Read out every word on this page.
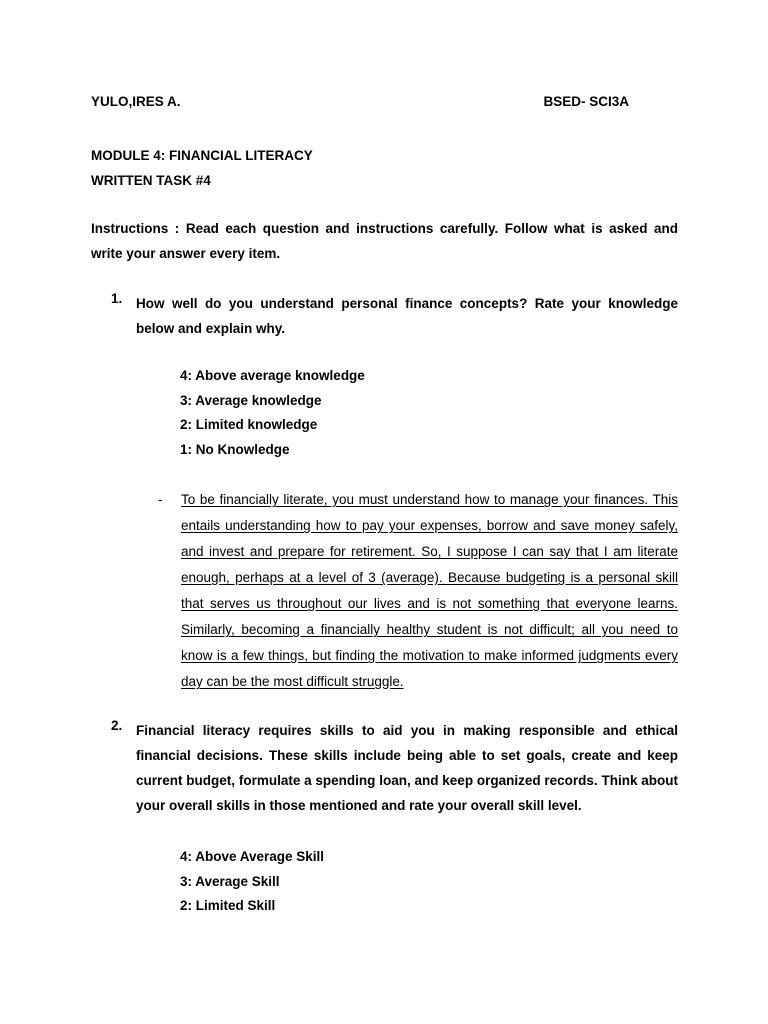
YULO,IRES A.	BSED- SCI3A
MODULE 4: FINANCIAL LITERACY
WRITTEN TASK #4
Instructions : Read each question and instructions carefully. Follow what is asked and write your answer every item.
1.	How well do you understand personal finance concepts? Rate your knowledge below and explain why.
4: Above average knowledge
3: Average knowledge
2: Limited knowledge
1: No Knowledge
-	To be financially literate, you must understand how to manage your finances. This entails understanding how to pay your expenses, borrow and save money safely, and invest and prepare for retirement. So, I suppose I can say that I am literate enough, perhaps at a level of 3 (average). Because budgeting is a personal skill that serves us throughout our lives and is not something that everyone learns. Similarly, becoming a financially healthy student is not difficult; all you need to know is a few things, but finding the motivation to make informed judgments every day can be the most difficult struggle.
2.	Financial literacy requires skills to aid you in making responsible and ethical financial decisions. These skills include being able to set goals, create and keep current budget, formulate a spending loan, and keep organized records. Think about your overall skills in those mentioned and rate your overall skill level.
4: Above Average Skill
3: Average Skill
2: Limited Skill
